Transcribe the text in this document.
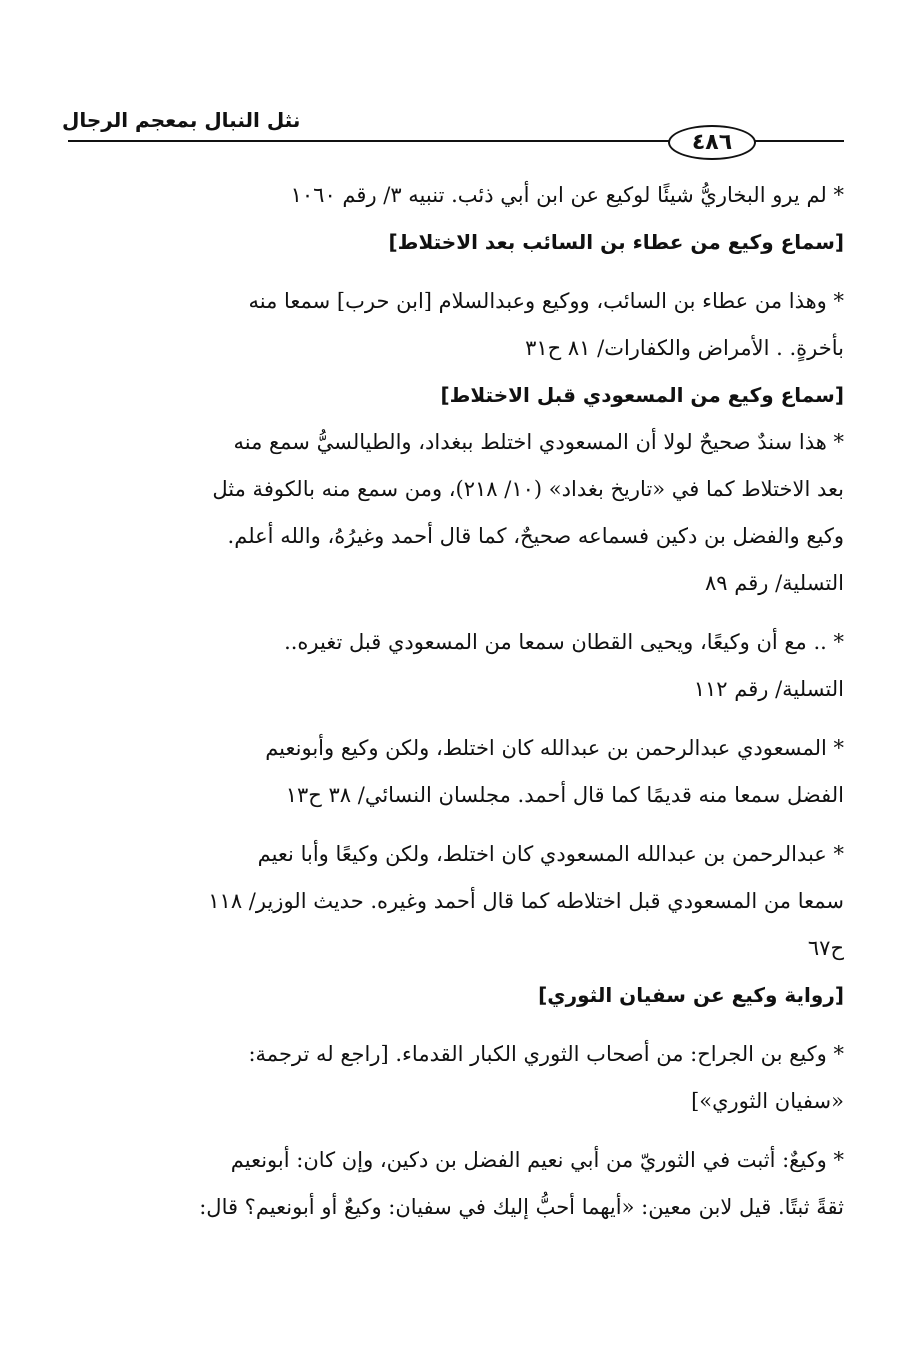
نثل النبال بمعجم الرجال
٤٨٦
* لم يرو البخاريُّ شيئًا لوكيع عن ابن أبي ذئب. تنبيه ٣/ رقم ١٠٦٠
[سماع وكيع من عطاء بن السائب بعد الاختلاط]
* وهذا من عطاء بن السائب، ووكيع وعبدالسلام [ابن حرب] سمعا منه
بأخرةٍ. . الأمراض والكفارات/ ٨١ ح٣١
[سماع وكيع من المسعودي قبل الاختلاط]
* هذا سندٌ صحيحٌ لولا أن المسعودي اختلط ببغداد، والطيالسيُّ سمع منه
بعد الاختلاط كما في «تاريخ بغداد» (١٠/ ٢١٨)، ومن سمع منه بالكوفة مثل
وكيع والفضل بن دكين فسماعه صحيحٌ، كما قال أحمد وغيرُهُ، والله أعلم.
التسلية/ رقم ٨٩
* .. مع أن وكيعًا، ويحيى القطان سمعا من المسعودي قبل تغيره..
التسلية/ رقم ١١٢
* المسعودي عبدالرحمن بن عبدالله كان اختلط، ولكن وكيع وأبونعيم
الفضل سمعا منه قديمًا كما قال أحمد. مجلسان النسائي/ ٣٨ ح١٣
* عبدالرحمن بن عبدالله المسعودي كان اختلط، ولكن وكيعًا وأبا نعيم
سمعا من المسعودي قبل اختلاطه كما قال أحمد وغيره. حديث الوزير/ ١١٨
ح٦٧
[رواية وكيع عن سفيان الثوري]
* وكيع بن الجراح: من أصحاب الثوري الكبار القدماء. [راجع له ترجمة:
«سفيان الثوري»]
* وكيعٌ: أثبت في الثوريّ من أبي نعيم الفضل بن دكين، وإن كان: أبونعيم
ثقةً ثبتًا. قيل لابن معين: «أيهما أحبُّ إليك في سفيان: وكيعٌ أو أبونعيم؟ قال:
